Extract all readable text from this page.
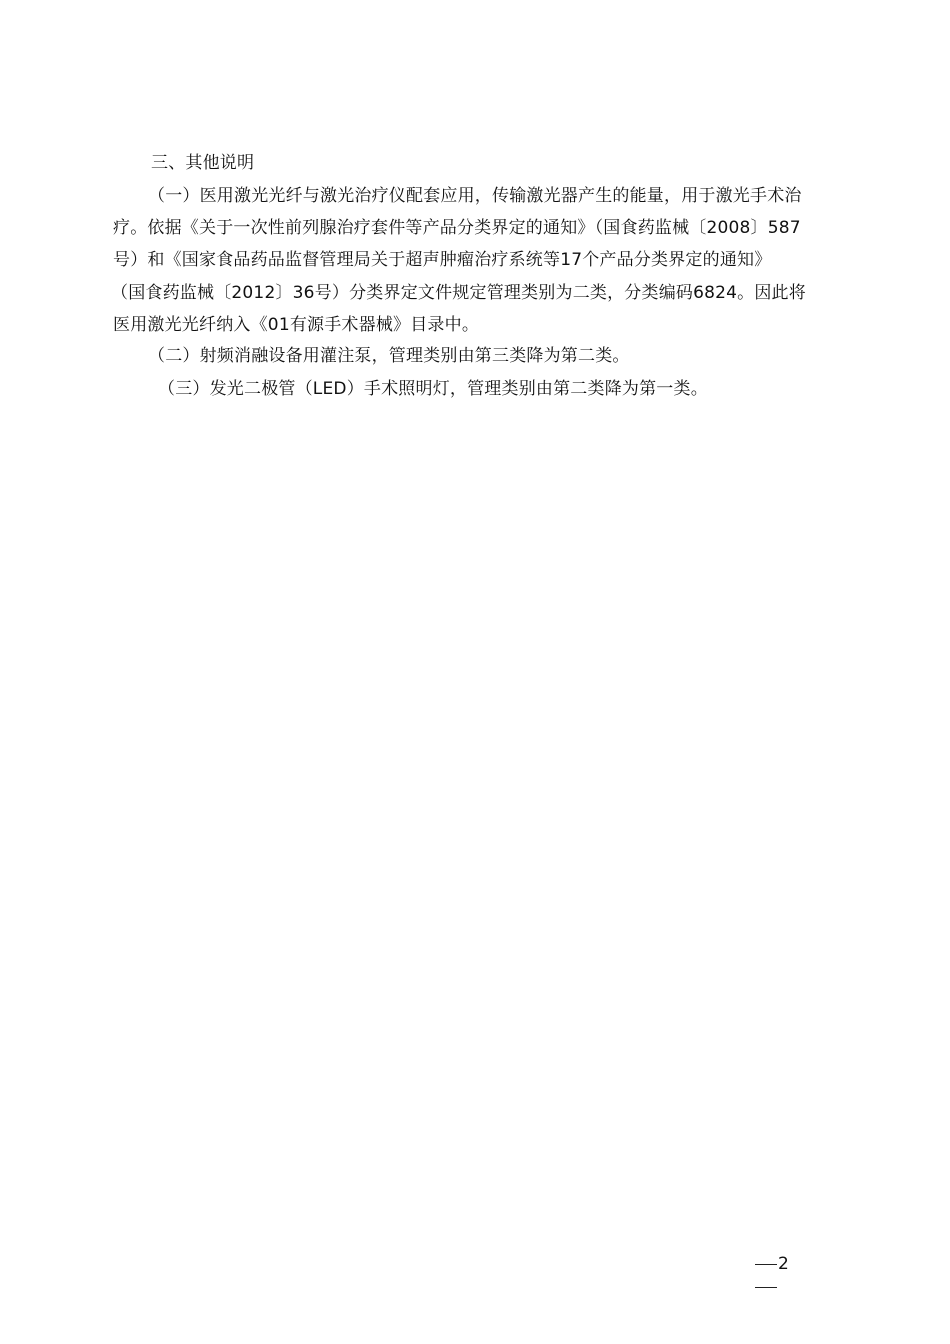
三、其他说明
（一）医用激光光纤与激光治疗仪配套应用，传输激光器产生的能量，用于激光手术治
疗。依据《关于一次性前列腺治疗套件等产品分类界定的通知》（国食药监械〔2008〕587
号）和《国家食品药品监督管理局关于超声肿瘤治疗系统等17个产品分类界定的通知》
（国食药监械〔2012〕36号）分类界定文件规定管理类别为二类，分类编码6824。因此将
医用激光光纤纳入《01有源手术器械》目录中。
（二）射频消融设备用灌注泵，管理类别由第三类降为第二类。
（三）发光二极管（LED）手术照明灯，管理类别由第二类降为第一类。
2
